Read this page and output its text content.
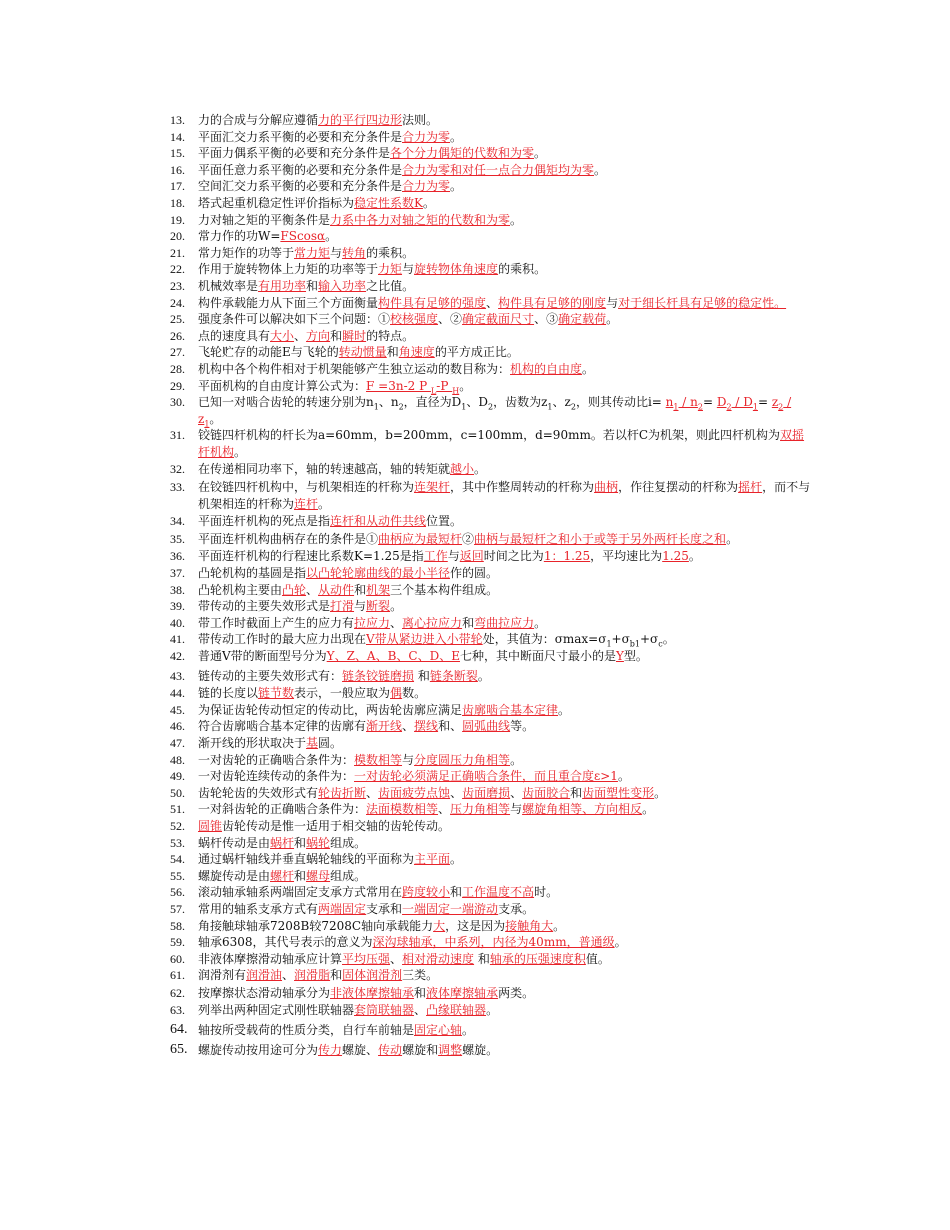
13. 力的合成与分解应遵循力的平行四边形法则。
14. 平面汇交力系平衡的必要和充分条件是合力为零。
15. 平面力偶系平衡的必要和充分条件是各个分力偶矩的代数和为零。
16. 平面任意力系平衡的必要和充分条件是合力为零和对任一点合力偶矩均为零。
17. 空间汇交力系平衡的必要和充分条件是合力为零。
18. 塔式起重机稳定性评价指标为稳定性系数K。
19. 力对轴之矩的平衡条件是力系中各力对轴之矩的代数和为零。
20. 常力作的功W=FScosα。
21. 常力矩作的功等于常力矩与转角的乘积。
22. 作用于旋转物体上力矩的功率等于力矩与旋转物体角速度的乘积。
23. 机械效率是有用功率和输入功率之比值。
24. 构件承载能力从下面三个方面衡量构件具有足够的强度、构件具有足够的刚度与对于细长杆具有足够的稳定性。
25. 强度条件可以解决如下三个问题：①校核强度、②确定截面尺寸、③确定载荷。
26. 点的速度具有大小、方向和瞬时的特点。
27. 飞轮贮存的动能E与飞轮的转动惯量和角速度的平方成正比。
28. 机构中各个构件相对于机架能够产生独立运动的数目称为：机构的自由度。
29. 平面机构的自由度计算公式为：F =3n-2 P $_L$-P $_H$。
30. 已知一对啮合齿轮的转速分别为$n_1$、$n_2$，直径为$D_1$、$D_2$，齿数为$z_1$、$z_2$，则其传动比$i= n_1 / n_2= D_2 / D_1= z_2 / z_1$。
31. 铰链四杆机构的杆长为a=60mm，b=200mm，c=100mm，d=90mm。若以杆C为机架，则此四杆机构为双摇杆机构。
32. 在传递相同功率下，轴的转速越高，轴的转矩就越小。
33. 在铰链四杆机构中，与机架相连的杆称为连架杆，其中作整周转动的杆称为曲柄，作往复摆动的杆称为摇杆，而不与机架相连的杆称为连杆。
34. 平面连杆机构的死点是指连杆和从动件共线位置。
35. 平面连杆机构曲柄存在的条件是①曲柄应为最短杆②曲柄与最短杆之和小于或等于另外两杆长度之和。
36. 平面连杆机构的行程速比系数K=1.25是指工作与返回时间之比为1：1.25，平均速比为1.25。
37. 凸轮机构的基圆是指以凸轮轮廓曲线的最小半径作的圆。
38. 凸轮机构主要由凸轮、从动件和机架三个基本构件组成。
39. 带传动的主要失效形式是打滑与断裂。
40. 带工作时截面上产生的应力有拉应力、离心拉应力和弯曲拉应力。
41. 带传动工作时的最大应力出现在V带从紧边进入小带轮处，其值为：$\sigma\max=\sigma_1+\sigma_{b1}+\sigma_c$。
42. 普通V带的断面型号分为Y、Z、A、B、C、D、E七种，其中断面尺寸最小的是Y型。
43. 链传动的主要失效形式有：链条铰链磨损 和链条断裂。
44. 链的长度以链节数表示，一般应取为偶数。
45. 为保证齿轮传动恒定的传动比，两齿轮齿廓应满足齿廓啮合基本定律。
46. 符合齿廓啮合基本定律的齿廓有渐开线、摆线和、圆弧曲线等。
47. 渐开线的形状取决于基圆。
48. 一对齿轮的正确啮合条件为：模数相等与分度圆压力角相等。
49. 一对齿轮连续传动的条件为：一对齿轮必须满足正确啮合条件，而且重合度ε>1。
50. 齿轮轮齿的失效形式有轮齿折断、齿面疲劳点蚀、齿面磨损、齿面胶合和齿面塑性变形。
51. 一对斜齿轮的正确啮合条件为：法面模数相等、压力角相等与螺旋角相等、方向相反。
52. 圆锥齿轮传动是惟一适用于相交轴的齿轮传动。
53. 蜗杆传动是由蜗杆和蜗轮组成。
54. 通过蜗杆轴线并垂直蜗轮轴线的平面称为主平面。
55. 螺旋传动是由螺杆和螺母组成。
56. 滚动轴承轴系两端固定支承方式常用在跨度较小和工作温度不高时。
57. 常用的轴系支承方式有两端固定支承和一端固定一端游动支承。
58. 角接触球轴承7208B较7208C轴向承载能力大，这是因为接触角大。
59. 轴承6308，其代号表示的意义为深沟球轴承，中系列，内径为40mm，普通级。
60. 非液体摩擦滑动轴承应计算平均压强、相对滑动速度 和轴承的压强速度积值。
61. 润滑剂有润滑油、润滑脂和固体润滑剂三类。
62. 按摩擦状态滑动轴承分为非液体摩擦轴承和液体摩擦轴承两类。
63. 列举出两种固定式刚性联轴器套筒联轴器、凸缘联轴器。
64. 轴按所受载荷的性质分类，自行车前轴是固定心轴。
65. 螺旋传动按用途可分为传力螺旋、传动螺旋和调整螺旋。
